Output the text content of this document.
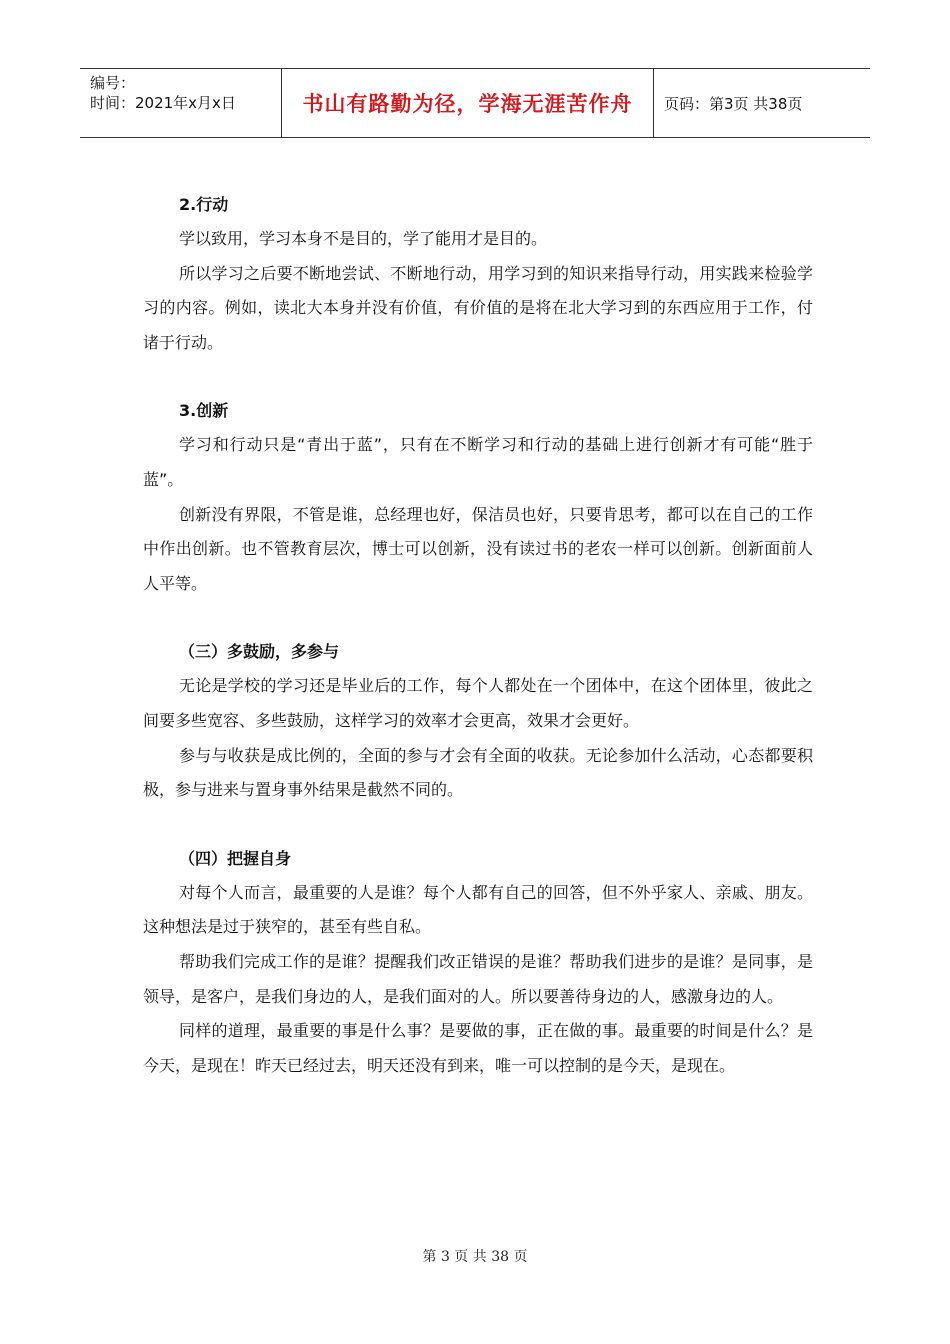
编号：
时间：2021年x月x日	书山有路勤为径，学海无涯苦作舟 页码：第3页 共38页
2.行动

学以致用，学习本身不是目的，学了能用才是目的。

所以学习之后要不断地尝试、不断地行动，用学习到的知识来指导行动，用实践来检验学习的内容。例如，读北大本身并没有价值，有价值的是将在北大学习到的东西应用于工作，付诸于行动。

3.创新

学习和行动只是“青出于蓝”，只有在不断学习和行动的基础上进行创新才有可能“胜于蓝”。

创新没有界限，不管是谁，总经理也好，保洁员也好，只要肯思考，都可以在自己的工作中作出创新。也不管教育层次，博士可以创新，没有读过书的老农一样可以创新。创新面前人人平等。

（三）多鼓励，多参与

无论是学校的学习还是毕业后的工作，每个人都处在一个团体中，在这个团体里，彼此之间要多些宽容、多些鼓励，这样学习的效率才会更高，效果才会更好。

参与与收获是成比例的，全面的参与才会有全面的收获。无论参加什么活动，心态都要积极，参与进来与置身事外结果是截然不同的。

（四）把握自身

对每个人而言，最重要的人是谁？每个人都有自己的回答，但不外乎家人、亲戚、朋友。这种想法是过于狭窄的，甚至有些自私。

帮助我们完成工作的是谁？提醒我们改正错误的是谁？帮助我们进步的是谁？是同事，是领导，是客户，是我们身边的人，是我们面对的人。所以要善待身边的人，感激身边的人。

同样的道理，最重要的事是什么事？是要做的事，正在做的事。最重要的时间是什么？是今天，是现在！昨天已经过去，明天还没有到来，唯一可以控制的是今天，是现在。

第 3 页 共 38 页
